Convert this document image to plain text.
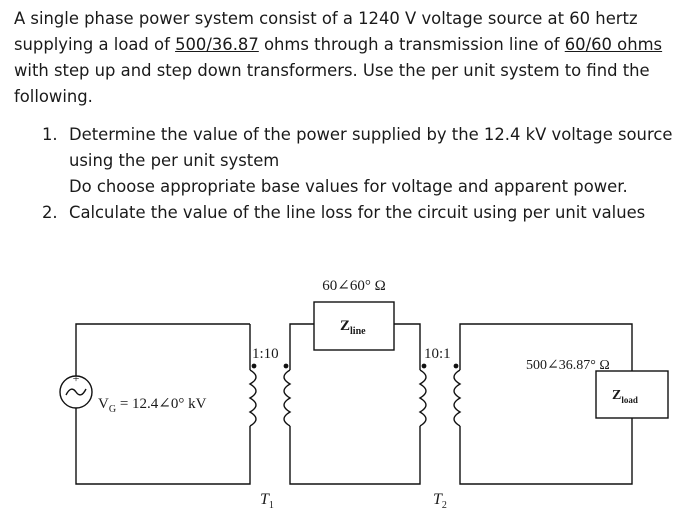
A single phase power system consist of a 1240 V voltage source at 60 hertz supplying a load of 500/36.87 ohms through a transmission line of 60/60 ohms with step up and step down transformers. Use the per unit system to find the following.

1. Determine the value of the power supplied by the 12.4 kV voltage source
using the per unit system
Do choose appropriate base values for voltage and apparent power.
2. Calculate the value of the line loss for the circuit using per unit values
+
$V_G$ = 12.4∠0° kV
1:10
$T_1$
60∠60° Ω
$Z_{line}$
10:1
$T_2$
500∠36.87° Ω
$Z_{load}$
